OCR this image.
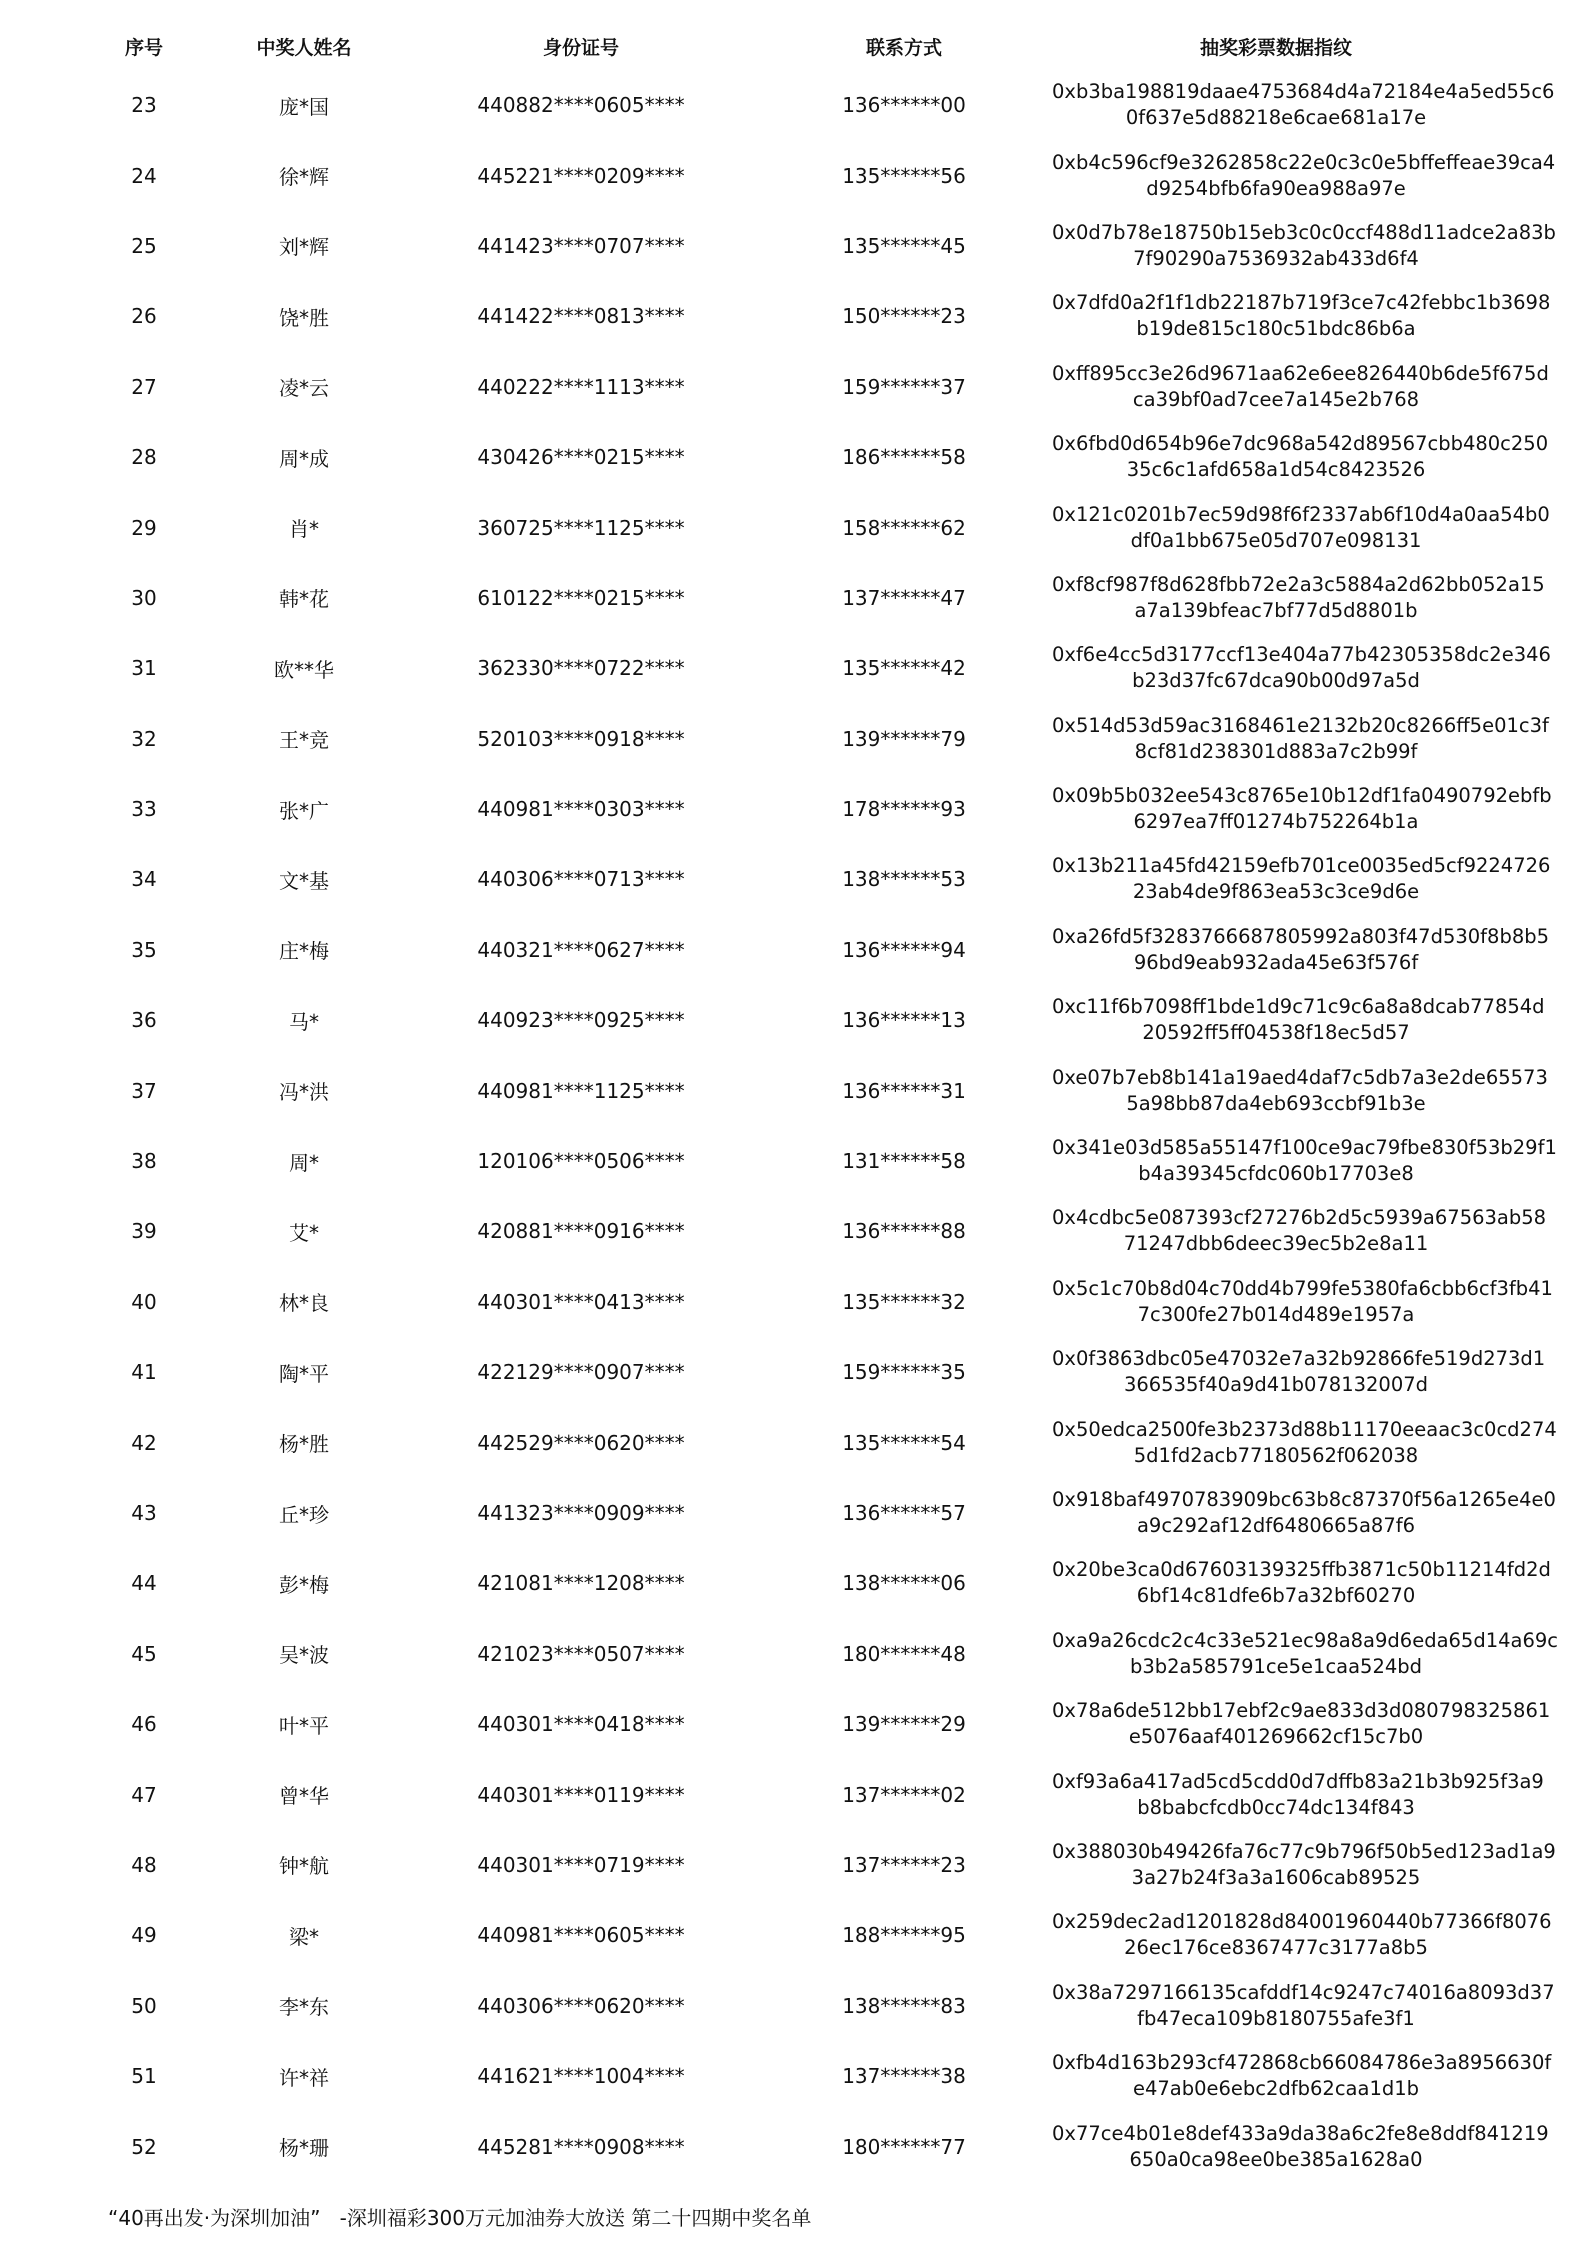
序号	中奖人姓名	身份证号	联系方式	抽奖彩票数据指纹
23	庞*国	440882****0605****	136******00	0xb3ba198819daae4753684d4a72184e4a5ed55c6
0f637e5d88218e6cae681a17e

24	徐*辉	445221****0209****	135******56	0xb4c596cf9e3262858c22e0c3c0e5bffeffeae39ca4
d9254bfb6fa90ea988a97e

25	刘*辉	441423****0707****	135******45	0x0d7b78e18750b15eb3c0c0ccf488d11adce2a83b
7f90290a7536932ab433d6f4

26	饶*胜	441422****0813****	150******23	0x7dfd0a2f1f1db22187b719f3ce7c42febbc1b3698
b19de815c180c51bdc86b6a

27	凌*云	440222****1113****	159******37	0xff895cc3e26d9671aa62e6ee826440b6de5f675d
ca39bf0ad7cee7a145e2b768

28	周*成	430426****0215****	186******58	0x6fbd0d654b96e7dc968a542d89567cbb480c250
35c6c1afd658a1d54c8423526

29	肖*	360725****1125****	158******62	0x121c0201b7ec59d98f6f2337ab6f10d4a0aa54b0
df0a1bb675e05d707e098131

30	韩*花	610122****0215****	137******47	0xf8cf987f8d628fbb72e2a3c5884a2d62bb052a15
a7a139bfeac7bf77d5d8801b

31	欧**华	362330****0722****	135******42	0xf6e4cc5d3177ccf13e404a77b42305358dc2e346
b23d37fc67dca90b00d97a5d

32	王*竞	520103****0918****	139******79	0x514d53d59ac3168461e2132b20c8266ff5e01c3f
8cf81d238301d883a7c2b99f

33	张*广	440981****0303****	178******93	0x09b5b032ee543c8765e10b12df1fa0490792ebfb
6297ea7ff01274b752264b1a

34	文*基	440306****0713****	138******53	0x13b211a45fd42159efb701ce0035ed5cf9224726
23ab4de9f863ea53c3ce9d6e

35	庄*梅	440321****0627****	136******94	0xa26fd5f3283766687805992a803f47d530f8b8b5
96bd9eab932ada45e63f576f

36	马*	440923****0925****	136******13	0xc11f6b7098ff1bde1d9c71c9c6a8a8dcab77854d
20592ff5ff04538f18ec5d57

37	冯*洪	440981****1125****	136******31	0xe07b7eb8b141a19aed4daf7c5db7a3e2de65573
5a98bb87da4eb693ccbf91b3e

38	周*	120106****0506****	131******58	0x341e03d585a55147f100ce9ac79fbe830f53b29f1
b4a39345cfdc060b17703e8

39	艾*	420881****0916****	136******88	0x4cdbc5e087393cf27276b2d5c5939a67563ab58
71247dbb6deec39ec5b2e8a11

40	林*良	440301****0413****	135******32	0x5c1c70b8d04c70dd4b799fe5380fa6cbb6cf3fb41
7c300fe27b014d489e1957a

41	陶*平	422129****0907****	159******35	0x0f3863dbc05e47032e7a32b92866fe519d273d1
366535f40a9d41b078132007d

42	杨*胜	442529****0620****	135******54	0x50edca2500fe3b2373d88b11170eeaac3c0cd274
5d1fd2acb77180562f062038

43	丘*珍	441323****0909****	136******57	0x918baf4970783909bc63b8c87370f56a1265e4e0
a9c292af12df6480665a87f6

44	彭*梅	421081****1208****	138******06	0x20be3ca0d67603139325ffb3871c50b11214fd2d
6bf14c81dfe6b7a32bf60270

45	吴*波	421023****0507****	180******48	0xa9a26cdc2c4c33e521ec98a8a9d6eda65d14a69c
b3b2a585791ce5e1caa524bd

46	叶*平	440301****0418****	139******29	0x78a6de512bb17ebf2c9ae833d3d080798325861
e5076aaf401269662cf15c7b0

47	曾*华	440301****0119****	137******02	0xf93a6a417ad5cd5cdd0d7dffb83a21b3b925f3a9
b8babcfcdb0cc74dc134f843

48	钟*航	440301****0719****	137******23	0x388030b49426fa76c77c9b796f50b5ed123ad1a9
3a27b24f3a3a1606cab89525

49	梁*	440981****0605****	188******95	0x259dec2ad1201828d84001960440b77366f8076
26ec176ce8367477c3177a8b5

50	李*东	440306****0620****	138******83	0x38a7297166135cafddf14c9247c74016a8093d37
fb47eca109b8180755afe3f1

51	许*祥	441621****1004****	137******38	0xfb4d163b293cf472868cb66084786e3a8956630f
e47ab0e6ebc2dfb62caa1d1b

52	杨*珊	445281****0908****	180******77	0x77ce4b01e8def433a9da38a6c2fe8e8ddf841219
650a0ca98ee0be385a1628a0
“40再出发·为深圳加油”   -深圳福彩300万元加油券大放送 第二十四期中奖名单
